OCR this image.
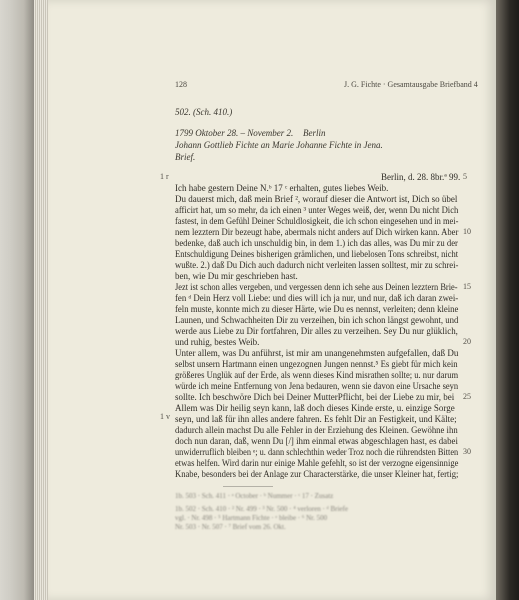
128	J. G. Fichte · Gesamtausgabe Briefband 4
502. (Sch. 410.)
1799 Oktober 28. – November 2. Berlin
Johann Gottlieb Fichte an Marie Johanne Fichte in Jena.
Brief.
1 r
1 v
Berlin, d. 28. 8br.ª 99.
Ich habe gestern Deine N.ᵇ 17 ᶜ erhalten, gutes liebes Weib.
Du dauerst mich, daß mein Brief ², worauf dieser die Antwort ist, Dich so übel
afficirt hat, um so mehr, da ich einen ³ unter Weges weiß, der, wenn Du nicht Dich
fastest, in dem Gefühl Deiner Schuldlosigkeit, die ich schon eingesehen und in mei-
nem lezztern Dir bezeugt habe, abermals nicht anders auf Dich wirken kann. Aber
bedenke, daß auch ich unschuldig bin, in dem 1.) ich das alles, was Du mir zu der
Entschuldigung Deines bisherigen grämlichen, und liebelosen Tons schreibst, nicht
wußte. 2.) daß Du Dich auch dadurch nicht verleiten lassen solltest, mir zu schrei-
ben, wie Du mir geschrieben hast.
Jezt ist schon alles vergeben, und vergessen denn ich sehe aus Deinen lezztern Brie-
fen ᵈ Dein Herz voll Liebe: und dies will ich ja nur, und nur, daß ich daran zwei-
feln muste, konnte mich zu dieser Härte, wie Du es nennst, verleiten; denn kleine
Launen, und Schwachheiten Dir zu verzeihen, bin ich schon längst gewohnt, und
werde aus Liebe zu Dir fortfahren, Dir alles zu verzeihen. Sey Du nur glüklich,
und ruhig, bestes Weib.
Unter allem, was Du anführst, ist mir am unangenehmsten aufgefallen, daß Du
selbst unsern Hartmann einen ungezognen Jungen nennst.⁵ Es giebt für mich kein
größeres Unglük auf der Erde, als wenn dieses Kind misrathen sollte; u. nur darum
würde ich meine Entfernung von Jena bedauren, wenn sie davon eine Ursache seyn
sollte. Ich beschwöre Dich bei Deiner MutterPflicht, bei der Liebe zu mir, bei
Allem was Dir heilig seyn kann, laß doch dieses Kinde erste, u. einzige Sorge
seyn, und laß für ihn alles andere fahren. Es fehlt Dir an Festigkeit, und Kälte;
dadurch allein machst Du alle Fehler in der Erziehung des Kleinen. Gewöhne ihn
doch nun daran, daß, wenn Du [/] ihm einmal etwas abgeschlagen hast, es dabei
unwiderruflich bleiben ᵉ; u. dann schlechthin weder Troz noch die rührendsten Bitten
etwas helfen. Wird darin nur einige Mahle gefehlt, so ist der verzogne eigensinnige
Knabe, besonders bei der Anlage zur Characterstärke, die unser Kleiner hat, fertig;
5
10
15
20
25
30
1b. 503 ‧ Sch. 411 ‧ ᵃ October · ᵇ Nummer · ᶜ 17 ‧ Zusatz
1b. 502 ‧ Sch. 410 ‧ ² Nr. 499 ‧ ³ Nr. 500 · ⁴ verloren · ᵈ Briefe
vgl. ‧ Nr. 498 ‧ ⁵ Hartmann Fichte · ᵉ bleibe · ⁶ Nr. 500
Nr. 503 ‧ Nr. 507 ‧ ⁷ Brief vom 26. Okt.
